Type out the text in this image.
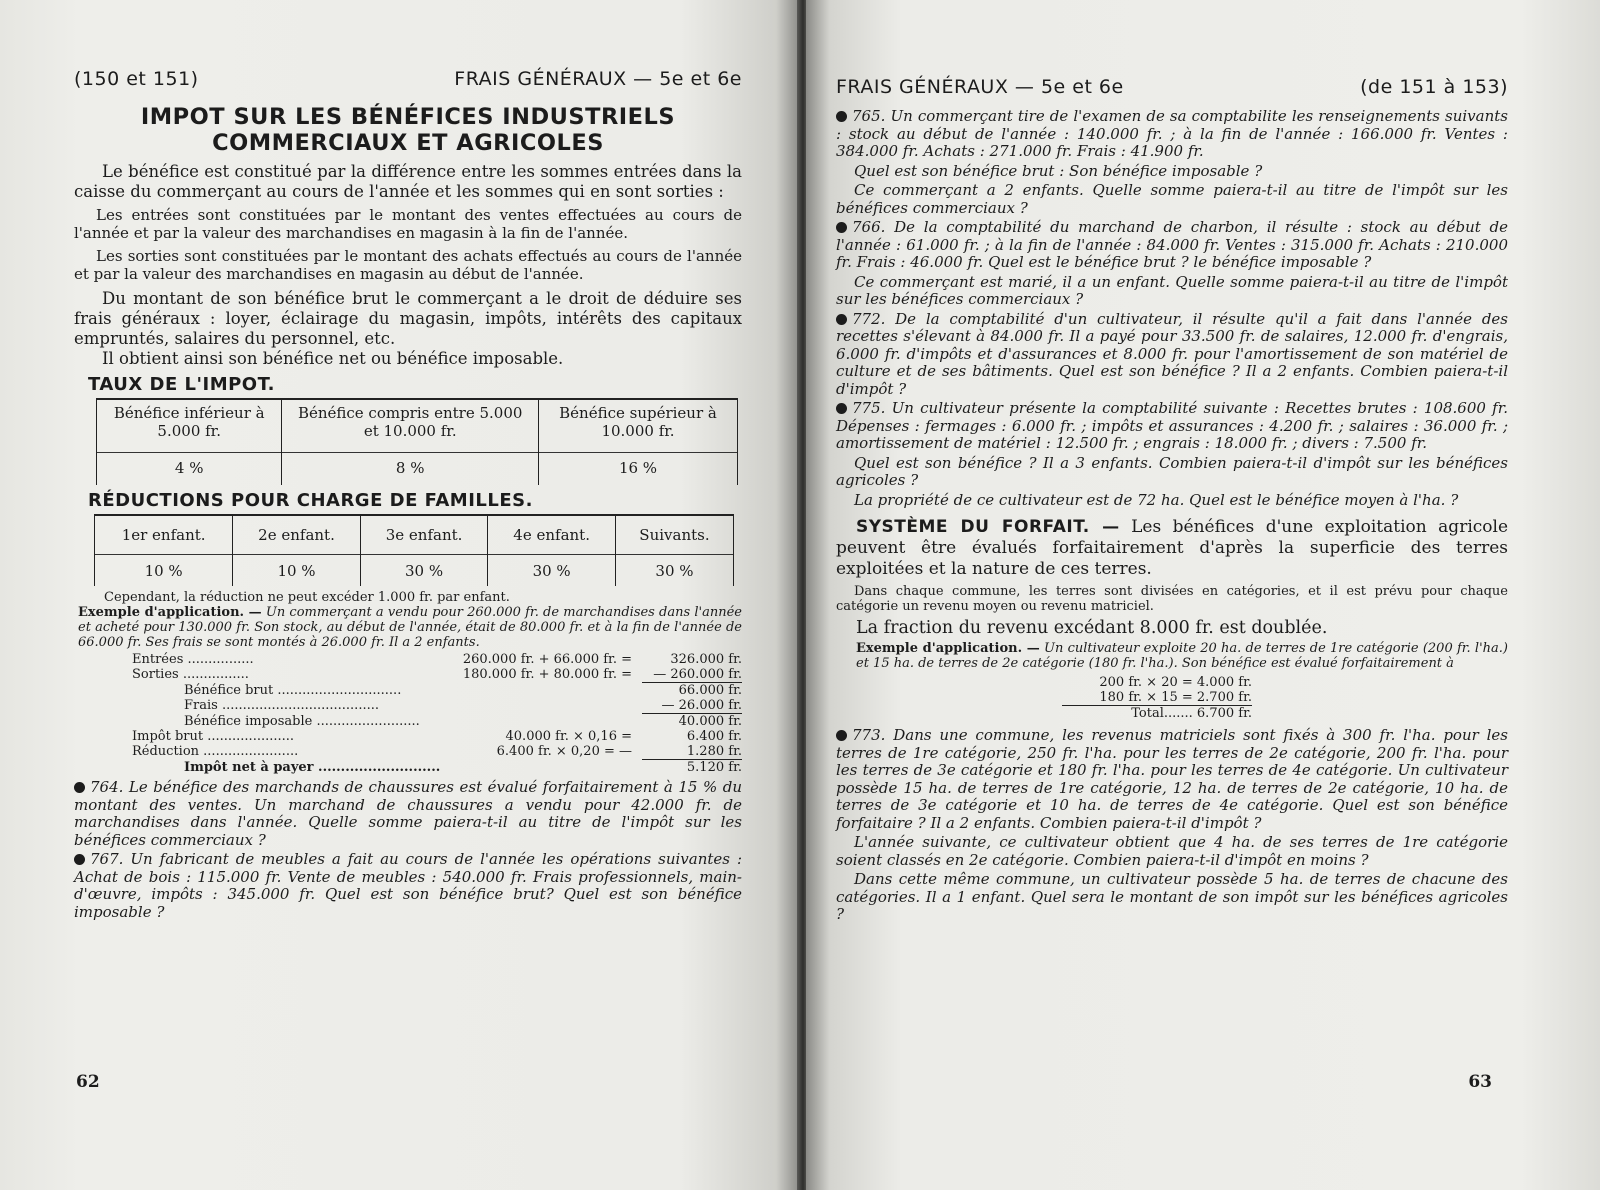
(150 et 151)	FRAIS GÉNÉRAUX — 5e et 6e
IMPOT SUR LES BÉNÉFICES INDUSTRIELS
COMMERCIAUX ET AGRICOLES

Le bénéfice est constitué par la différence entre les sommes entrées dans la caisse du commerçant au cours de l'année et les sommes qui en sont sorties :

Les entrées sont constituées par le montant des ventes effectuées au cours de l'année et par la valeur des marchandises en magasin à la fin de l'année.

Les sorties sont constituées par le montant des achats effectués au cours de l'année et par la valeur des marchandises en magasin au début de l'année.

Du montant de son bénéfice brut le commerçant a le droit de déduire ses frais généraux : loyer, éclairage du magasin, impôts, intérêts des capitaux empruntés, salaires du personnel, etc.

Il obtient ainsi son bénéfice net ou bénéfice imposable.

TAUX DE L'IMPOT.
Bénéfice inférieur à 5.000 fr.	Bénéfice compris entre 5.000 et 10.000 fr.	Bénéfice supérieur à 10.000 fr.
4 %	8 %	16 %
RÉDUCTIONS POUR CHARGE DE FAMILLES.
1er enfant.	2e enfant.	3e enfant.	4e enfant.	Suivants.
10 %	10 %	30 %	30 %	30 %

Cependant, la réduction ne peut excéder 1.000 fr. par enfant.

Exemple d'application. — Un commerçant a vendu pour 260.000 fr. de marchandises dans l'année et acheté pour 130.000 fr. Son stock, au début de l'année, était de 80.000 fr. et à la fin de l'année de 66.000 fr. Ses frais se sont montés à 26.000 fr. Il a 2 enfants.

Entrées ................	260.000 fr. + 66.000 fr. =	326.000 fr.
Sorties ................	180.000 fr. + 80.000 fr. =	— 260.000 fr.
Bénéfice brut ..............................	66.000 fr.
Frais ......................................	— 26.000 fr.
Bénéfice imposable .........................	40.000 fr.
Impôt brut .....................	40.000 fr. × 0,16 =	6.400 fr.
Réduction .......................	6.400 fr. × 0,20 = —	1.280 fr.
Impôt net à payer ...........................	5.120 fr.

764. Le bénéfice des marchands de chaussures est évalué forfaitairement à 15 % du montant des ventes. Un marchand de chaussures a vendu pour 42.000 fr. de marchandises dans l'année. Quelle somme paiera-t-il au titre de l'impôt sur les bénéfices commerciaux ?

767. Un fabricant de meubles a fait au cours de l'année les opérations suivantes : Achat de bois : 115.000 fr. Vente de meubles : 540.000 fr. Frais professionnels, main-d'œuvre, impôts : 345.000 fr. Quel est son bénéfice brut? Quel est son bénéfice imposable ?

62
FRAIS GÉNÉRAUX — 5e et 6e	(de 151 à 153)

765. Un commerçant tire de l'examen de sa comptabilite les renseignements suivants : stock au début de l'année : 140.000 fr. ; à la fin de l'année : 166.000 fr. Ventes : 384.000 fr. Achats : 271.000 fr. Frais : 41.900 fr.

Quel est son bénéfice brut : Son bénéfice imposable ?

Ce commerçant a 2 enfants. Quelle somme paiera-t-il au titre de l'impôt sur les bénéfices commerciaux ?

766. De la comptabilité du marchand de charbon, il résulte : stock au début de l'année : 61.000 fr. ; à la fin de l'année : 84.000 fr. Ventes : 315.000 fr. Achats : 210.000 fr. Frais : 46.000 fr. Quel est le bénéfice brut ? le bénéfice imposable ?

Ce commerçant est marié, il a un enfant. Quelle somme paiera-t-il au titre de l'impôt sur les bénéfices commerciaux ?

772. De la comptabilité d'un cultivateur, il résulte qu'il a fait dans l'année des recettes s'élevant à 84.000 fr. Il a payé pour 33.500 fr. de salaires, 12.000 fr. d'engrais, 6.000 fr. d'impôts et d'assurances et 8.000 fr. pour l'amortissement de son matériel de culture et de ses bâtiments. Quel est son bénéfice ? Il a 2 enfants. Combien paiera-t-il d'impôt ?

775. Un cultivateur présente la comptabilité suivante : Recettes brutes : 108.600 fr. Dépenses : fermages : 6.000 fr. ; impôts et assurances : 4.200 fr. ; salaires : 36.000 fr. ; amortissement de matériel : 12.500 fr. ; engrais : 18.000 fr. ; divers : 7.500 fr.

Quel est son bénéfice ? Il a 3 enfants. Combien paiera-t-il d'impôt sur les bénéfices agricoles ?

La propriété de ce cultivateur est de 72 ha. Quel est le bénéfice moyen à l'ha. ?

SYSTÈME DU FORFAIT. — Les bénéfices d'une exploitation agricole peuvent être évalués forfaitairement d'après la superficie des terres exploitées et la nature de ces terres.

Dans chaque commune, les terres sont divisées en catégories, et il est prévu pour chaque catégorie un revenu moyen ou revenu matriciel.

La fraction du revenu excédant 8.000 fr. est doublée.

Exemple d'application. — Un cultivateur exploite 20 ha. de terres de 1re catégorie (200 fr. l'ha.) et 15 ha. de terres de 2e catégorie (180 fr. l'ha.). Son bénéfice est évalué forfaitairement à

200 fr. × 20 = 4.000 fr.
180 fr. × 15 = 2.700 fr.
Total....... 6.700 fr.

773. Dans une commune, les revenus matriciels sont fixés à 300 fr. l'ha. pour les terres de 1re catégorie, 250 fr. l'ha. pour les terres de 2e catégorie, 200 fr. l'ha. pour les terres de 3e catégorie et 180 fr. l'ha. pour les terres de 4e catégorie. Un cultivateur possède 15 ha. de terres de 1re catégorie, 12 ha. de terres de 2e catégorie, 10 ha. de terres de 3e catégorie et 10 ha. de terres de 4e catégorie. Quel est son bénéfice forfaitaire ? Il a 2 enfants. Combien paiera-t-il d'impôt ?

L'année suivante, ce cultivateur obtient que 4 ha. de ses terres de 1re catégorie soient classés en 2e catégorie. Combien paiera-t-il d'impôt en moins ?

Dans cette même commune, un cultivateur possède 5 ha. de terres de chacune des catégories. Il a 1 enfant. Quel sera le montant de son impôt sur les bénéfices agricoles ?

63
